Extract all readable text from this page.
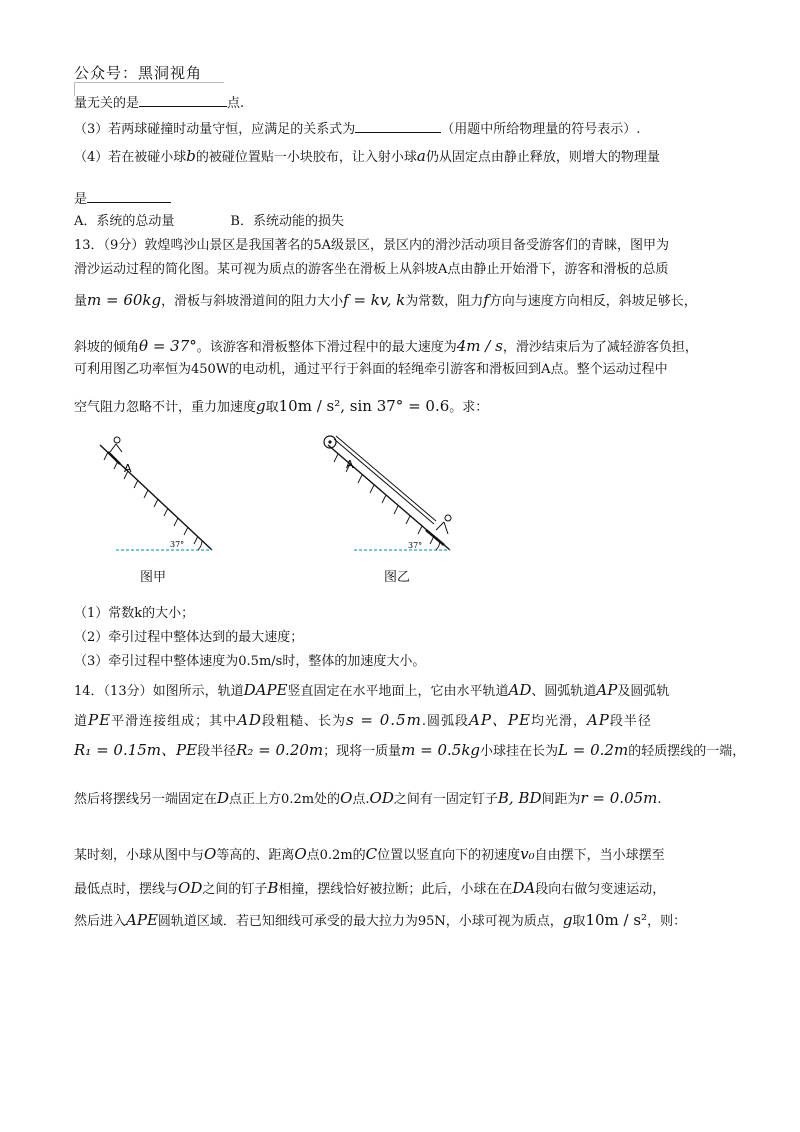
公众号：黑洞视角
量无关的是	点.
（3）若两球碰撞时动量守恒，应满足的关系式为	（用题中所给物理量的符号表示）.
（4）若在被碰小球b的被碰位置贴一小块胶布，让入射小球a仍从固定点由静止释放，则增大的物理量
是
A．系统的总动量	B．系统动能的损失
13．（9分）敦煌鸣沙山景区是我国著名的5A级景区，景区内的滑沙活动项目备受游客们的青睐，图甲为
滑沙运动过程的简化图。某可视为质点的游客坐在滑板上从斜坡A点由静止开始滑下，游客和滑板的总质
量m = 60kg，滑板与斜坡滑道间的阻力大小f = kv, k为常数，阻力f方向与速度方向相反，斜坡足够长，
斜坡的倾角θ = 37°。该游客和滑板整体下滑过程中的最大速度为4m / s，滑沙结束后为了减轻游客负担，
可利用图乙功率恒为450W的电动机，通过平行于斜面的轻绳牵引游客和滑板回到A点。整个运动过程中
空气阻力忽略不计，重力加速度g取10m / s², sin 37° = 0.6。求：
A
37°
图甲
A
37°
图乙
（1）常数k的大小；
（2）牵引过程中整体达到的最大速度；
（3）牵引过程中整体速度为0.5m/s时，整体的加速度大小。
14．（13分）如图所示，轨道DAPE竖直固定在水平地面上，它由水平轨道AD、圆弧轨道AP及圆弧轨
道PE平滑连接组成；其中AD段粗糙、长为s = 0.5m.圆弧段AP、PE均光滑，AP段半径
R₁ = 0.15m、PE段半径R₂ = 0.20m；现将一质量m = 0.5kg小球挂在长为L = 0.2m的轻质摆线的一端，
然后将摆线另一端固定在D点正上方0.2m处的O点.OD之间有一固定钉子B, BD间距为r = 0.05m.
某时刻，小球从图中与O等高的、距离O点0.2m的C位置以竖直向下的初速度v₀自由摆下，当小球摆至
最低点时，摆线与OD之间的钉子B相撞，摆线恰好被拉断；此后，小球在在DA段向右做匀变速运动，
然后进入APE圆轨道区域．若已知细线可承受的最大拉力为95N，小球可视为质点，g取10m / s²，则：
